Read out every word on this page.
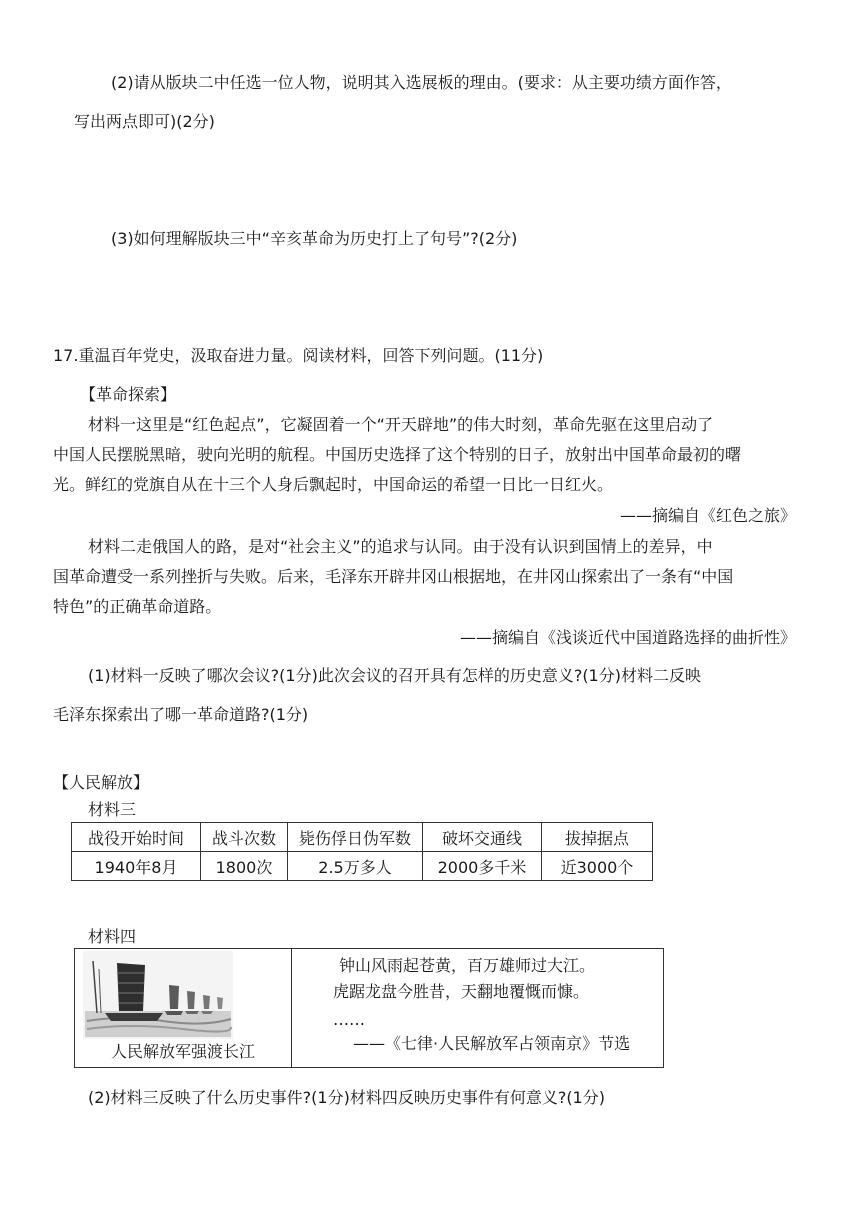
(2)请从版块二中任选一位人物，说明其入选展板的理由。(要求：从主要功绩方面作答，
写出两点即可)(2分)
(3)如何理解版块三中“辛亥革命为历史打上了句号”?(2分)
17.重温百年党史，汲取奋进力量。阅读材料，回答下列问题。(11分)
【革命探索】
材料一这里是“红色起点”，它凝固着一个“开天辟地”的伟大时刻，革命先驱在这里启动了
中国人民摆脱黑暗，驶向光明的航程。中国历史选择了这个特别的日子，放射出中国革命最初的曙
光。鲜红的党旗自从在十三个人身后飘起时，中国命运的希望一日比一日红火。
——摘编自《红色之旅》
材料二走俄国人的路，是对“社会主义”的追求与认同。由于没有认识到国情上的差异，中
国革命遭受一系列挫折与失败。后来，毛泽东开辟井冈山根据地，在井冈山探索出了一条有“中国
特色”的正确革命道路。
——摘编自《浅谈近代中国道路选择的曲折性》
(1)材料一反映了哪次会议?(1分)此次会议的召开具有怎样的历史意义?(1分)材料二反映
毛泽东探索出了哪一革命道路?(1分)
【人民解放】
材料三
战役开始时间	战斗次数	毙伤俘日伪军数	破坏交通线	拔掉据点
1940年8月	1800次	2.5万多人	2000多千米	近3000个
材料四
人民解放军强渡长江
钟山风雨起苍黄，百万雄师过大江。
虎踞龙盘今胜昔，天翻地覆慨而慷。
……
——《七律·人民解放军占领南京》节选
(2)材料三反映了什么历史事件?(1分)材料四反映历史事件有何意义?(1分)
